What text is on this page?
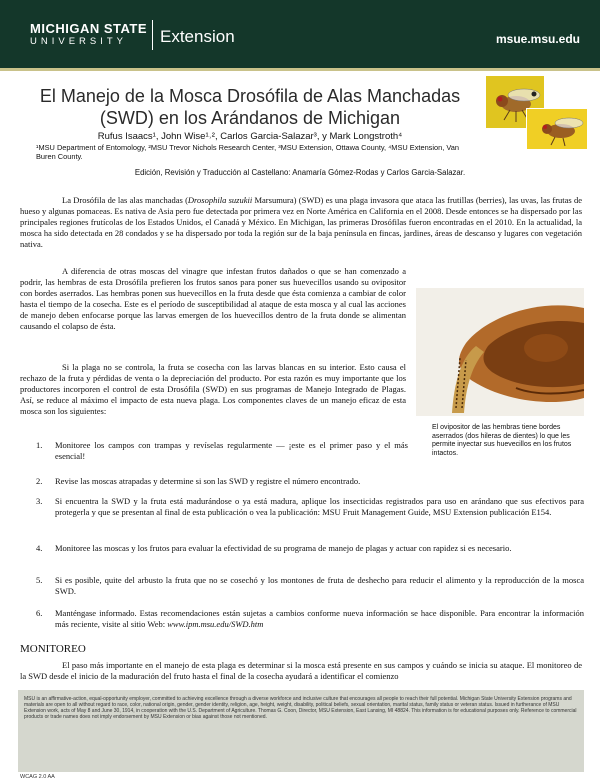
MICHIGAN STATE
UNIVERSITY	Extension	msue.msu.edu
El Manejo de la Mosca Drosófila de Alas Manchadas (SWD) en los Arándanos de Michigan
Rufus Isaacs¹, John Wise¹˒², Carlos Garcia-Salazar³, y Mark Longstroth⁴
¹MSU Department of Entomology, ²MSU Trevor Nichols Research Center, ³MSU Extension, Ottawa County, ⁴MSU Extension, Van Buren County.
Edición, Revisión y Traducción al Castellano: Anamaría Gómez-Rodas y Carlos Garcia-Salazar.

La Drosófila de las alas manchadas (Drosophila suzukii Marsumura) (SWD) es una plaga invasora que ataca las frutillas (berries), las uvas, las frutas de hueso y algunas pomaceas. Es nativa de Asia pero fue detectada por primera vez en Norte América en California en el 2008. Desde entonces se ha dispersado por las principales regiones frutícolas de los Estados Unidos, el Canadá y México. En Michigan, las primeras Drosófilas fueron encontradas en el 2010. En la actualidad, la mosca ha sido detectada en 28 condados y se ha dispersado por toda la región sur de la baja península en fincas, jardines, áreas de descanso y lugares con vegetación nativa.

A diferencia de otras moscas del vinagre que infestan frutos dañados o que se han comenzado a podrir, las hembras de esta Drosófila prefieren los frutos sanos para poner sus huevecillos usando su ovipositor con bordes aserrados. Las hembras ponen sus huevecillos en la fruta desde que ésta comienza a cambiar de color hasta el tiempo de la cosecha. Este es el período de susceptibilidad al ataque de esta mosca y al cual las acciones de manejo deben enfocarse porque las larvas emergen de los huevecillos dentro de la fruta donde se alimentan causando el colapso de ésta.

Si la plaga no se controla, la fruta se cosecha con las larvas blancas en su interior. Esto causa el rechazo de la fruta y pérdidas de venta o la depreciación del producto. Por esta razón es muy importante que los productores incorporen el control de esta Drosófila (SWD) en sus programas de Manejo Integrado de Plagas. Así, se reduce al máximo el impacto de esta nueva plaga. Los componentes claves de un manejo eficaz de esta mosca son los siguientes:

El ovipositor de las hembras tiene bordes aserrados (dos hileras de dientes) lo que les permite inyectar sus huevecillos en los frutos intactos.
1. Monitoree los campos con trampas y revíselas regularmente — ¡este es el primer paso y el más esencial!
2. Revise las moscas atrapadas y determine si son las SWD y registre el número encontrado.
3. Si encuentra la SWD y la fruta está madurándose o ya está madura, aplique los insecticidas registrados para uso en arándano que sus efectivos para protegerla y que se presentan al final de esta publicación o vea la publicación: MSU Fruit Management Guide, MSU Extension publicación E154.
4. Monitoree las moscas y los frutos para evaluar la efectividad de su programa de manejo de plagas y actuar con rapidez si es necesario.
5. Si es posible, quite del arbusto la fruta que no se cosechó y los montones de fruta de deshecho para reducir el alimento y la reproducción de la mosca SWD.
6. Manténgase informado. Estas recomendaciones están sujetas a cambios conforme nueva información se hace disponible. Para encontrar la información más reciente, visite al sitio Web: www.ipm.msu.edu/SWD.htm
MONITOREO

El paso más importante en el manejo de esta plaga es determinar si la mosca está presente en sus campos y cuándo se inicia su ataque. El monitoreo de la SWD desde el inicio de la maduración del fruto hasta el final de la cosecha ayudará a identificar el comienzo

MSU is an affirmative-action, equal-opportunity employer, committed to achieving excellence through a diverse workforce and inclusive culture that encourages all people to reach their full potential. Michigan State University Extension programs and materials are open to all without regard to race, color, national origin, gender, gender identity, religion, age, height, weight, disability, political beliefs, sexual orientation, marital status, family status or veteran status. Issued in furtherance of MSU Extension work, acts of May 8 and June 30, 1914, in cooperation with the U.S. Department of Agriculture. Thomas G. Coon, Director, MSU Extension, East Lansing, MI 48824. This information is for educational purposes only. Reference to commercial products or trade names does not imply endorsement by MSU Extension or bias against those not mentioned.
WCAG 2.0 AA
